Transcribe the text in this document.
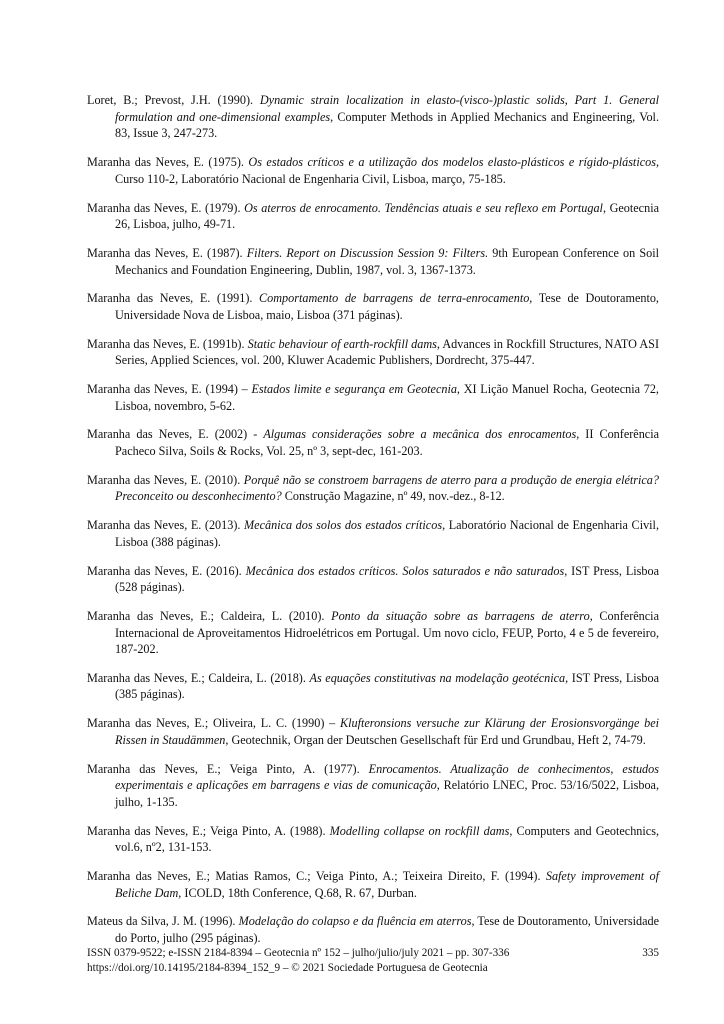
Loret, B.; Prevost, J.H. (1990). Dynamic strain localization in elasto-(visco-)plastic solids, Part 1. General formulation and one-dimensional examples, Computer Methods in Applied Mechanics and Engineering, Vol. 83, Issue 3, 247-273.

Maranha das Neves, E. (1975). Os estados críticos e a utilização dos modelos elasto-plásticos e rígido-plásticos, Curso 110-2, Laboratório Nacional de Engenharia Civil, Lisboa, março, 75-185.

Maranha das Neves, E. (1979). Os aterros de enrocamento. Tendências atuais e seu reflexo em Portugal, Geotecnia 26, Lisboa, julho, 49-71.

Maranha das Neves, E. (1987). Filters. Report on Discussion Session 9: Filters. 9th European Conference on Soil Mechanics and Foundation Engineering, Dublin, 1987, vol. 3, 1367-1373.

Maranha das Neves, E. (1991). Comportamento de barragens de terra-enrocamento, Tese de Doutoramento, Universidade Nova de Lisboa, maio, Lisboa (371 páginas).

Maranha das Neves, E. (1991b). Static behaviour of earth-rockfill dams, Advances in Rockfill Structures, NATO ASI Series, Applied Sciences, vol. 200, Kluwer Academic Publishers, Dordrecht, 375-447.

Maranha das Neves, E. (1994) – Estados limite e segurança em Geotecnia, XI Lição Manuel Rocha, Geotecnia 72, Lisboa, novembro, 5-62.

Maranha das Neves, E. (2002) - Algumas considerações sobre a mecânica dos enrocamentos, II Conferência Pacheco Silva, Soils & Rocks, Vol. 25, nº 3, sept-dec, 161-203.

Maranha das Neves, E. (2010). Porquê não se constroem barragens de aterro para a produção de energia elétrica? Preconceito ou desconhecimento? Construção Magazine, nº 49, nov.-dez., 8-12.

Maranha das Neves, E. (2013). Mecânica dos solos dos estados críticos, Laboratório Nacional de Engenharia Civil, Lisboa (388 páginas).

Maranha das Neves, E. (2016). Mecânica dos estados críticos. Solos saturados e não saturados, IST Press, Lisboa (528 páginas).

Maranha das Neves, E.; Caldeira, L. (2010). Ponto da situação sobre as barragens de aterro, Conferência Internacional de Aproveitamentos Hidroelétricos em Portugal. Um novo ciclo, FEUP, Porto, 4 e 5 de fevereiro, 187-202.

Maranha das Neves, E.; Caldeira, L. (2018). As equações constitutivas na modelação geotécnica, IST Press, Lisboa (385 páginas).

Maranha das Neves, E.; Oliveira, L. C. (1990) – Klufteronsions versuche zur Klärung der Erosionsvorgänge bei Rissen in Staudämmen, Geotechnik, Organ der Deutschen Gesellschaft für Erd und Grundbau, Heft 2, 74-79.

Maranha das Neves, E.; Veiga Pinto, A. (1977). Enrocamentos. Atualização de conhecimentos, estudos experimentais e aplicações em barragens e vias de comunicação, Relatório LNEC, Proc. 53/16/5022, Lisboa, julho, 1-135.

Maranha das Neves, E.; Veiga Pinto, A. (1988). Modelling collapse on rockfill dams, Computers and Geotechnics, vol.6, nº2, 131-153.

Maranha das Neves, E.; Matias Ramos, C.; Veiga Pinto, A.; Teixeira Direito, F. (1994). Safety improvement of Beliche Dam, ICOLD, 18th Conference, Q.68, R. 67, Durban.

Mateus da Silva, J. M. (1996). Modelação do colapso e da fluência em aterros, Tese de Doutoramento, Universidade do Porto, julho (295 páginas).

ISSN 0379-9522; e-ISSN 2184-8394 – Geotecnia nº 152 – julho/julio/july 2021 – pp. 307-336
https://doi.org/10.14195/2184-8394_152_9 – © 2021 Sociedade Portuguesa de Geotecnia
335
